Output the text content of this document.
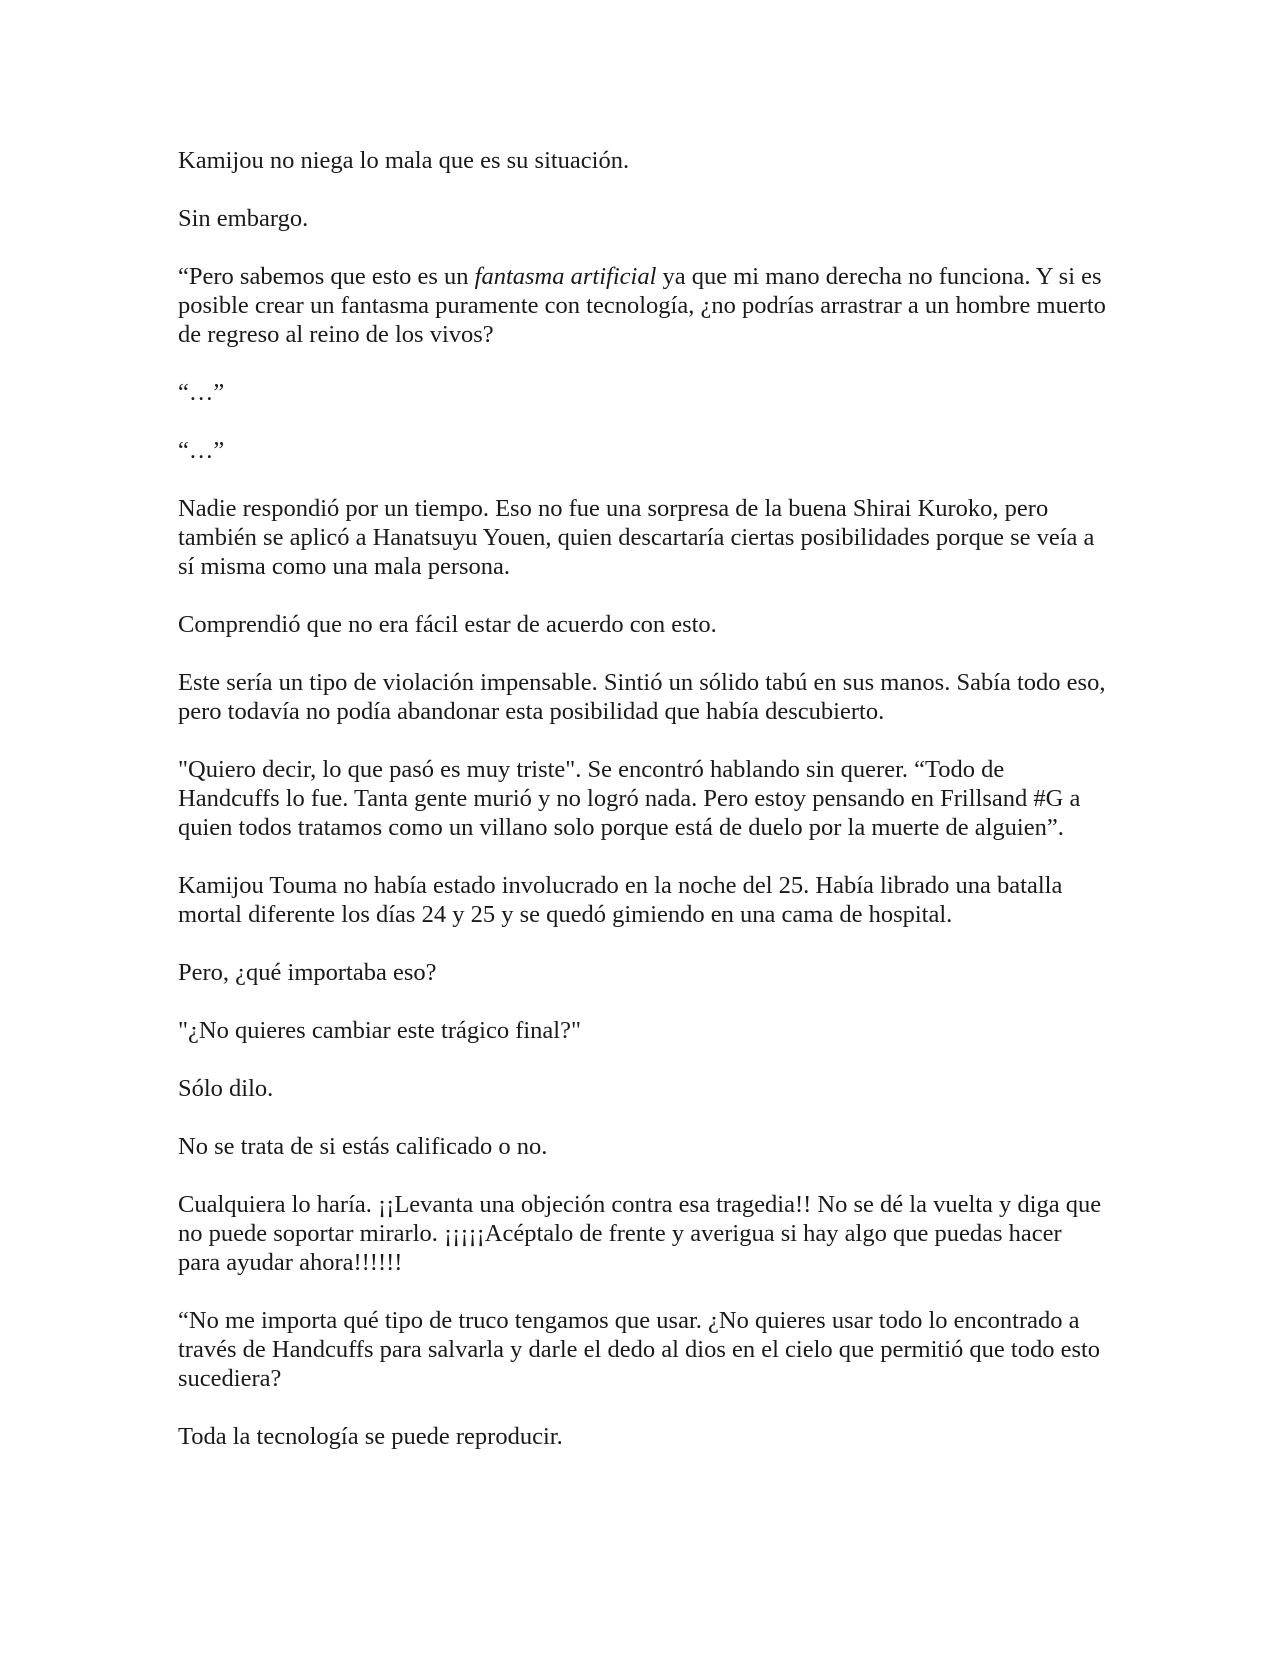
Kamijou no niega lo mala que es su situación.

Sin embargo.

“Pero sabemos que esto es un fantasma artificial ya que mi mano derecha no funciona. Y si es posible crear un fantasma puramente con tecnología, ¿no podrías arrastrar a un hombre muerto de regreso al reino de los vivos?

“…”

“…”

Nadie respondió por un tiempo. Eso no fue una sorpresa de la buena Shirai Kuroko, pero también se aplicó a Hanatsuyu Youen, quien descartaría ciertas posibilidades porque se veía a sí misma como una mala persona.

Comprendió que no era fácil estar de acuerdo con esto.

Este sería un tipo de violación impensable. Sintió un sólido tabú en sus manos. Sabía todo eso, pero todavía no podía abandonar esta posibilidad que había descubierto.

"Quiero decir, lo que pasó es muy triste". Se encontró hablando sin querer. “Todo de Handcuffs lo fue. Tanta gente murió y no logró nada. Pero estoy pensando en Frillsand #G a quien todos tratamos como un villano solo porque está de duelo por la muerte de alguien”.

Kamijou Touma no había estado involucrado en la noche del 25. Había librado una batalla mortal diferente los días 24 y 25 y se quedó gimiendo en una cama de hospital.

Pero, ¿qué importaba eso?

"¿No quieres cambiar este trágico final?"

Sólo dilo.

No se trata de si estás calificado o no.

Cualquiera lo haría. ¡¡Levanta una objeción contra esa tragedia!! No se dé la vuelta y diga que no puede soportar mirarlo. ¡¡¡¡¡Acéptalo de frente y averigua si hay algo que puedas hacer para ayudar ahora!!!!!!

“No me importa qué tipo de truco tengamos que usar. ¿No quieres usar todo lo encontrado a través de Handcuffs para salvarla y darle el dedo al dios en el cielo que permitió que todo esto sucediera?

Toda la tecnología se puede reproducir.
